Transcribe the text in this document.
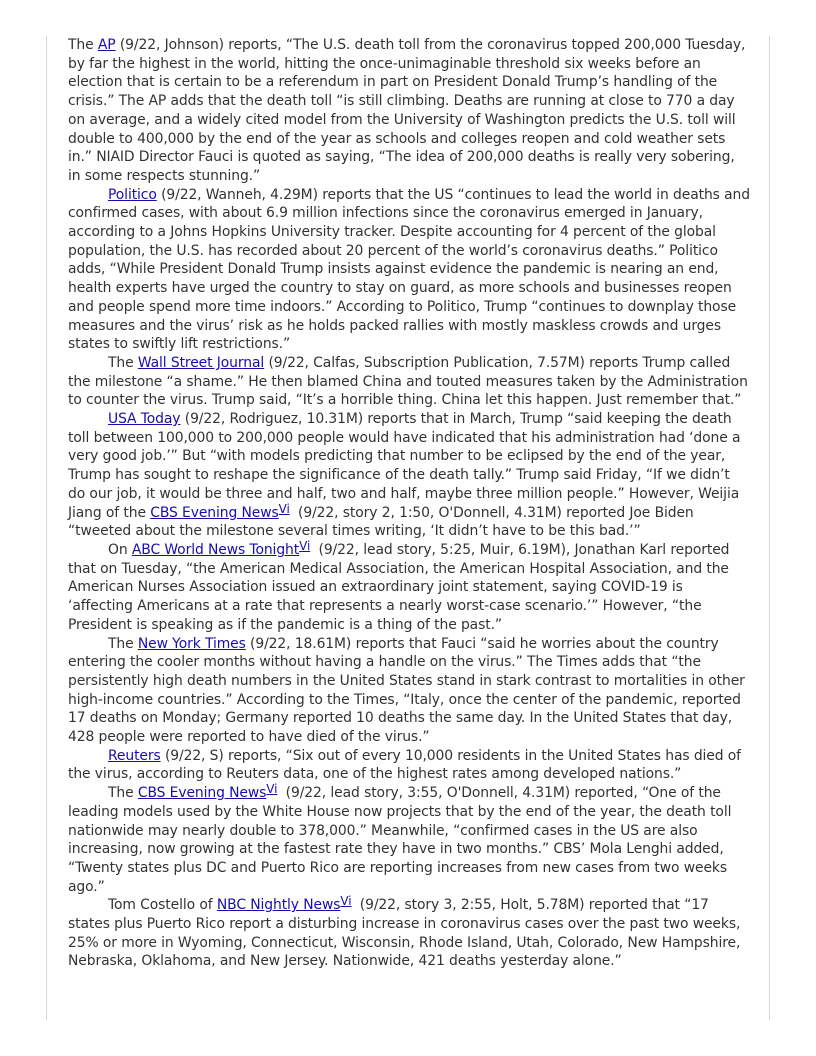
The AP (9/22, Johnson) reports, “The U.S. death toll from the coronavirus topped 200,000 Tuesday, by far the highest in the world, hitting the once-unimaginable threshold six weeks before an election that is certain to be a referendum in part on President Donald Trump’s handling of the crisis.” The AP adds that the death toll “is still climbing. Deaths are running at close to 770 a day on average, and a widely cited model from the University of Washington predicts the U.S. toll will double to 400,000 by the end of the year as schools and colleges reopen and cold weather sets in.” NIAID Director Fauci is quoted as saying, “The idea of 200,000 deaths is really very sobering, in some respects stunning.”

Politico (9/22, Wanneh, 4.29M) reports that the US “continues to lead the world in deaths and confirmed cases, with about 6.9 million infections since the coronavirus emerged in January, according to a Johns Hopkins University tracker. Despite accounting for 4 percent of the global population, the U.S. has recorded about 20 percent of the world’s coronavirus deaths.” Politico adds, “While President Donald Trump insists against evidence the pandemic is nearing an end, health experts have urged the country to stay on guard, as more schools and businesses reopen and people spend more time indoors.” According to Politico, Trump “continues to downplay those measures and the virus’ risk as he holds packed rallies with mostly maskless crowds and urges states to swiftly lift restrictions.”

The Wall Street Journal (9/22, Calfas, Subscription Publication, 7.57M) reports Trump called the milestone “a shame.” He then blamed China and touted measures taken by the Administration to counter the virus. Trump said, “It’s a horrible thing. China let this happen. Just remember that.”

USA Today (9/22, Rodriguez, 10.31M) reports that in March, Trump “said keeping the death toll between 100,000 to 200,000 people would have indicated that his administration had ‘done a very good job.’” But “with models predicting that number to be eclipsed by the end of the year, Trump has sought to reshape the significance of the death tally.” Trump said Friday, “If we didn’t do our job, it would be three and half, two and half, maybe three million people.” However, Weijia Jiang of the CBS Evening News$^{Vi}$ (9/22, story 2, 1:50, O'Donnell, 4.31M) reported Joe Biden “tweeted about the milestone several times writing, ‘It didn’t have to be this bad.’”

On ABC World News Tonight$^{Vi}$ (9/22, lead story, 5:25, Muir, 6.19M), Jonathan Karl reported that on Tuesday, “the American Medical Association, the American Hospital Association, and the American Nurses Association issued an extraordinary joint statement, saying COVID-19 is ‘affecting Americans at a rate that represents a nearly worst-case scenario.’” However, “the President is speaking as if the pandemic is a thing of the past.”

The New York Times (9/22, 18.61M) reports that Fauci “said he worries about the country entering the cooler months without having a handle on the virus.” The Times adds that “the persistently high death numbers in the United States stand in stark contrast to mortalities in other high-income countries.” According to the Times, “Italy, once the center of the pandemic, reported 17 deaths on Monday; Germany reported 10 deaths the same day. In the United States that day, 428 people were reported to have died of the virus.”

Reuters (9/22, S) reports, “Six out of every 10,000 residents in the United States has died of the virus, according to Reuters data, one of the highest rates among developed nations.”

The CBS Evening News$^{Vi}$ (9/22, lead story, 3:55, O'Donnell, 4.31M) reported, “One of the leading models used by the White House now projects that by the end of the year, the death toll nationwide may nearly double to 378,000.” Meanwhile, “confirmed cases in the US are also increasing, now growing at the fastest rate they have in two months.” CBS’ Mola Lenghi added, “Twenty states plus DC and Puerto Rico are reporting increases from new cases from two weeks ago.”

Tom Costello of NBC Nightly News$^{Vi}$ (9/22, story 3, 2:55, Holt, 5.78M) reported that “17 states plus Puerto Rico report a disturbing increase in coronavirus cases over the past two weeks, 25% or more in Wyoming, Connecticut, Wisconsin, Rhode Island, Utah, Colorado, New Hampshire, Nebraska, Oklahoma, and New Jersey. Nationwide, 421 deaths yesterday alone.”
